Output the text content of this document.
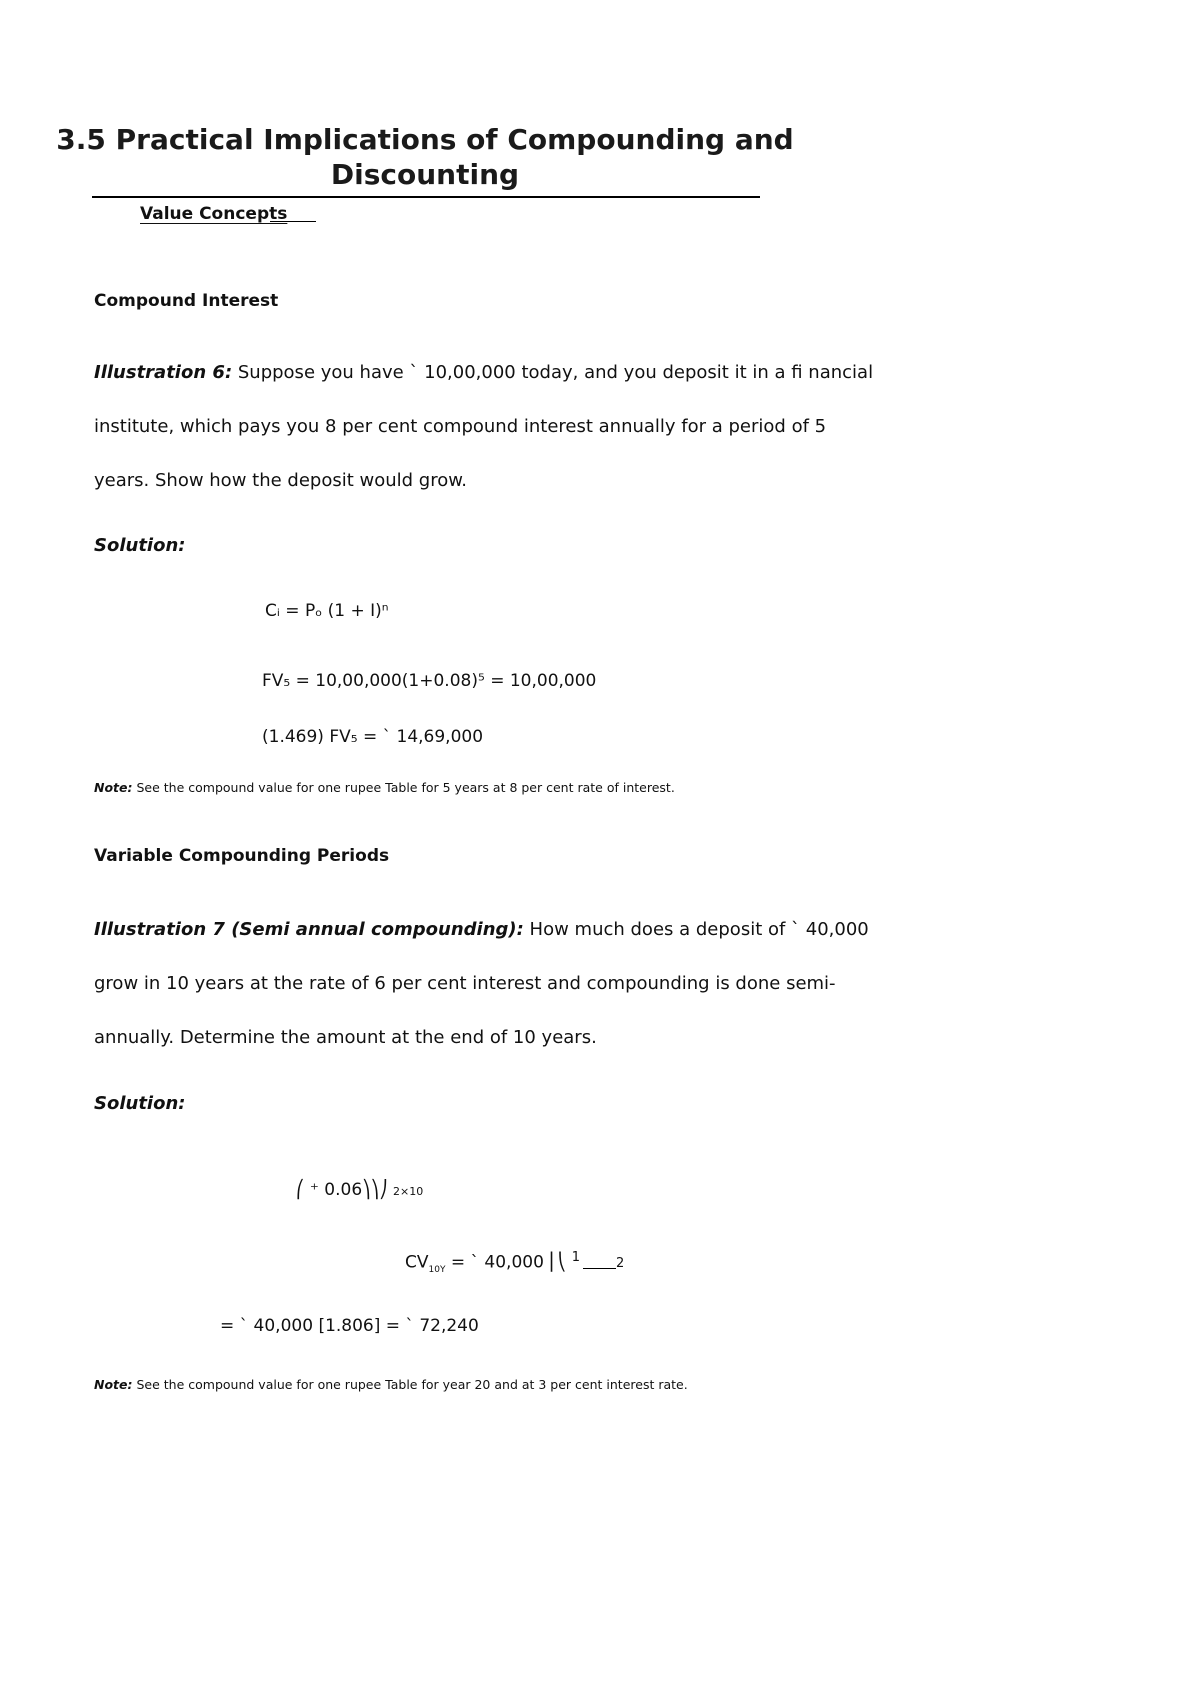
3.5 Practical Implications of Compounding and
Discounting
Value Concepts
Compound Interest
Illustration 6: Suppose you have ` 10,00,000 today, and you deposit it in a fi nancial
institute, which pays you 8 per cent compound interest annually for a period of 5
years. Show how the deposit would grow.
Solution:
Cᵢ = Pₒ (1 + I)ⁿ
FV₅ = 10,00,000(1+0.08)⁵ = 10,00,000
(1.469) FV₅ = ` 14,69,000
Note: See the compound value for one rupee Table for 5 years at 8 per cent rate of interest.
Variable Compounding Periods
Illustration 7 (Semi annual compounding): How much does a deposit of ` 40,000
grow in 10 years at the rate of 6 per cent interest and compounding is done semi-
annually. Determine the amount at the end of 10 years.
Solution:
⎛ ⁺ 0.06⎞⎞⎠ 2×10
$CV_{10Y}$ = ` 40,000 ⎜⎝ $^1$	2
= ` 40,000 [1.806] = ` 72,240
Note: See the compound value for one rupee Table for year 20 and at 3 per cent interest rate.
